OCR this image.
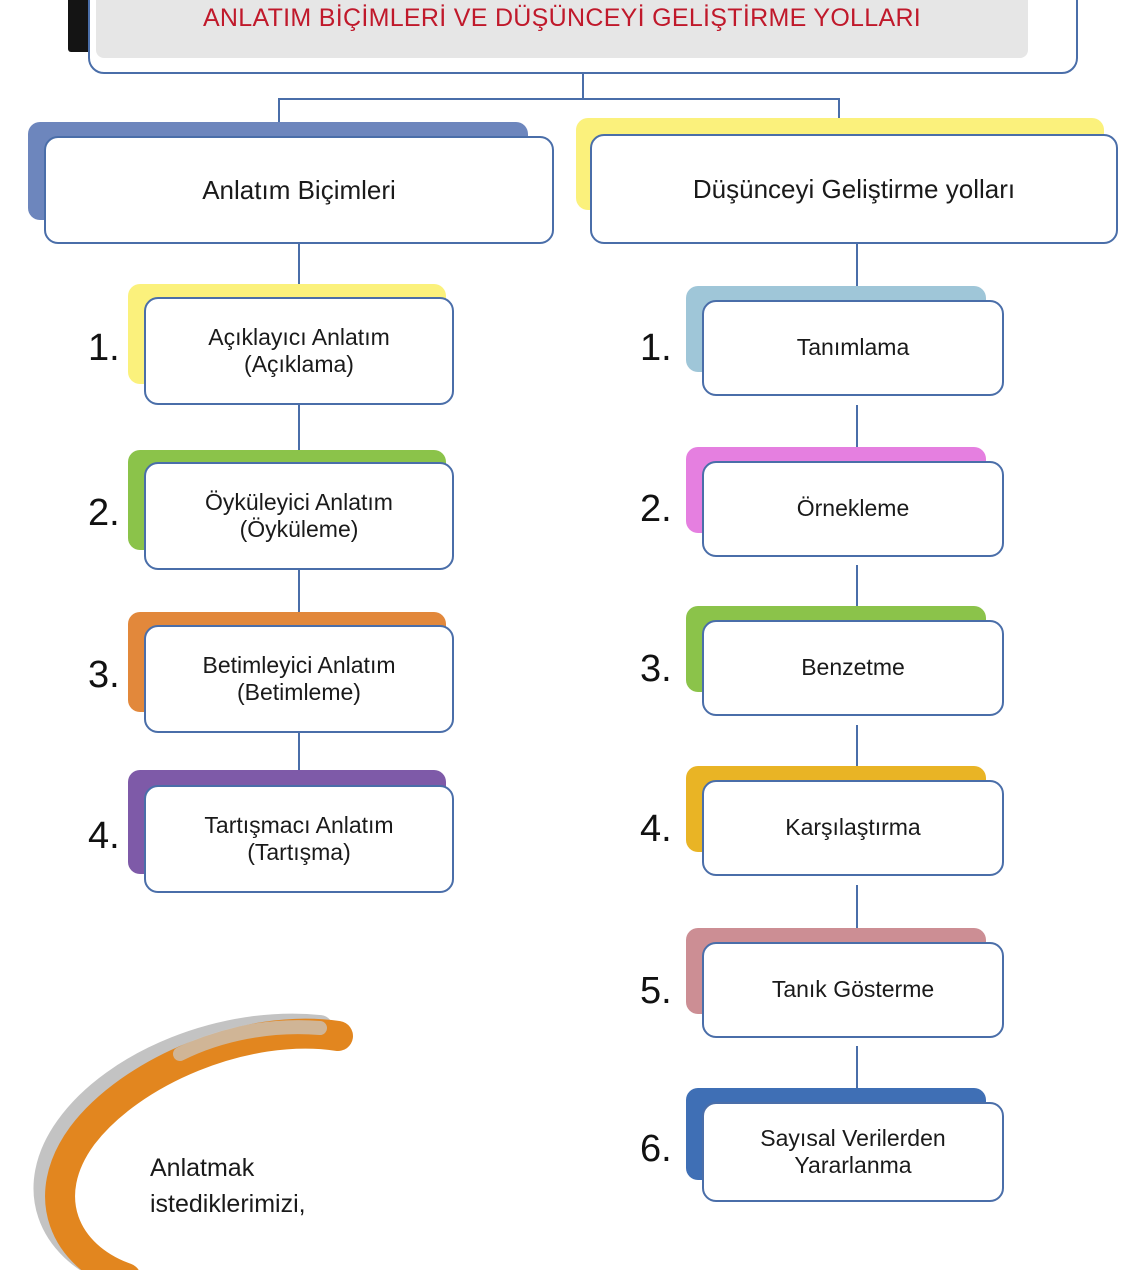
ANLATIM BİÇİMLERİ VE DÜŞÜNCEYİ GELİŞTİRME YOLLARI
Anlatım Biçimleri	Düşünceyi Geliştirme yolları
Açıklayıcı Anlatım
(Açıklama)
1.
Öyküleyici Anlatım
(Öyküleme)
2.
Betimleyici Anlatım
(Betimleme)
3.
Tartışmacı Anlatım
(Tartışma)
4.
Tanımlama
1.
Örnekleme
2.
Benzetme
3.
Karşılaştırma
4.
Tanık Gösterme
5.
Sayısal Verilerden
Yararlanma
6.
Anlatmak
istediklerimizi,
